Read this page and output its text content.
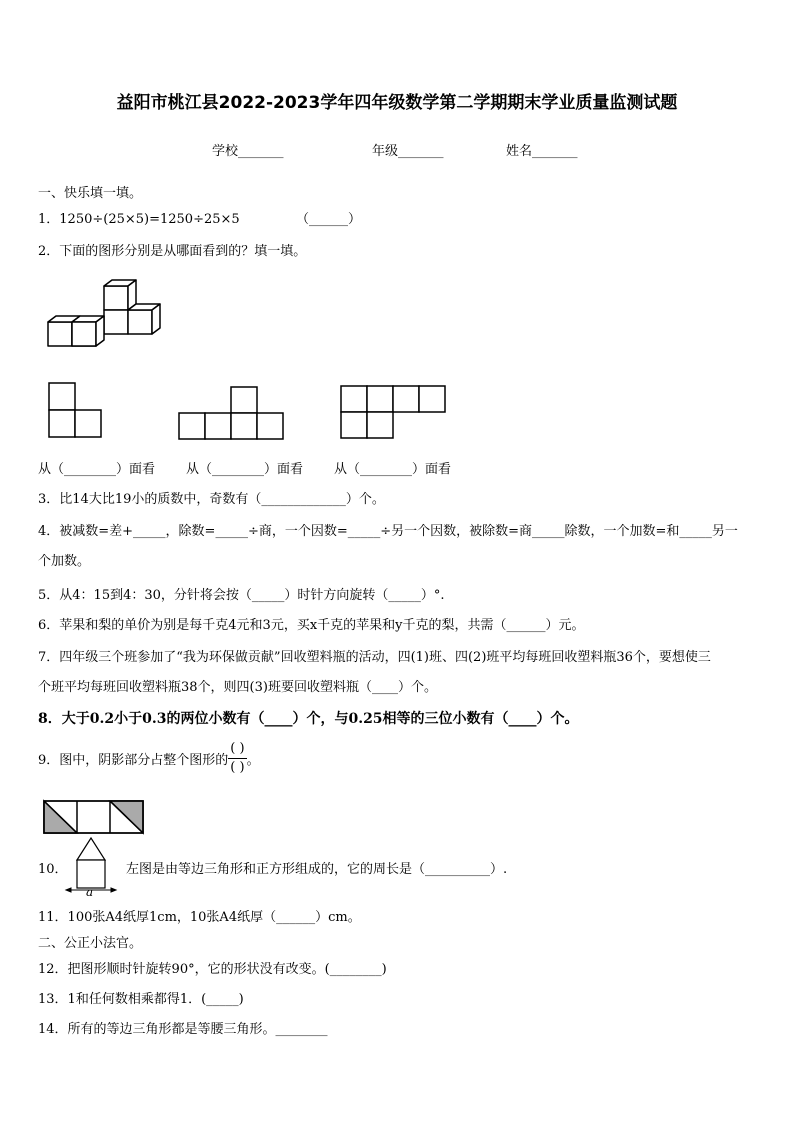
益阳市桃江县2022-2023学年四年级数学第二学期期末学业质量监测试题
学校_______	年级_______	姓名_______
一、快乐填一填。
1．1250÷(25×5)=1250÷25×5	（______）
2．下面的图形分别是从哪面看到的？填一填。
从（________）面看 从（________）面看 从（________）面看
3．比14大比19小的质数中，奇数有（_____________）个。
4．被减数=差+_____，除数=_____÷商，一个因数=_____÷另一个因数，被除数=商_____除数，一个加数=和_____另一
个加数。
5．从4：15到4：30，分针将会按（_____）时针方向旋转（_____）°.
6．苹果和梨的单价为别是每千克4元和3元，买x千克的苹果和y千克的梨，共需（______）元。
7．四年级三个班参加了“我为环保做贡献”回收塑料瓶的活动，四(1)班、四(2)班平均每班回收塑料瓶36个，要想使三
个班平均每班回收塑料瓶38个，则四(3)班要回收塑料瓶（____）个。
8．大于0.2小于0.3的两位小数有（____）个，与0.25相等的三位小数有（____）个。
9．图中，阴影部分占整个图形的 $\frac{( )}{( )}$ 。
10．
a
左图是由等边三角形和正方形组成的，它的周长是（__________）.
11．100张A4纸厚1cm，10张A4纸厚（______）cm。
二、公正小法官。
12．把图形顺时针旋转90°，它的形状没有改变。(________)
13．1和任何数相乘都得1．(_____)
14．所有的等边三角形都是等腰三角形。________
